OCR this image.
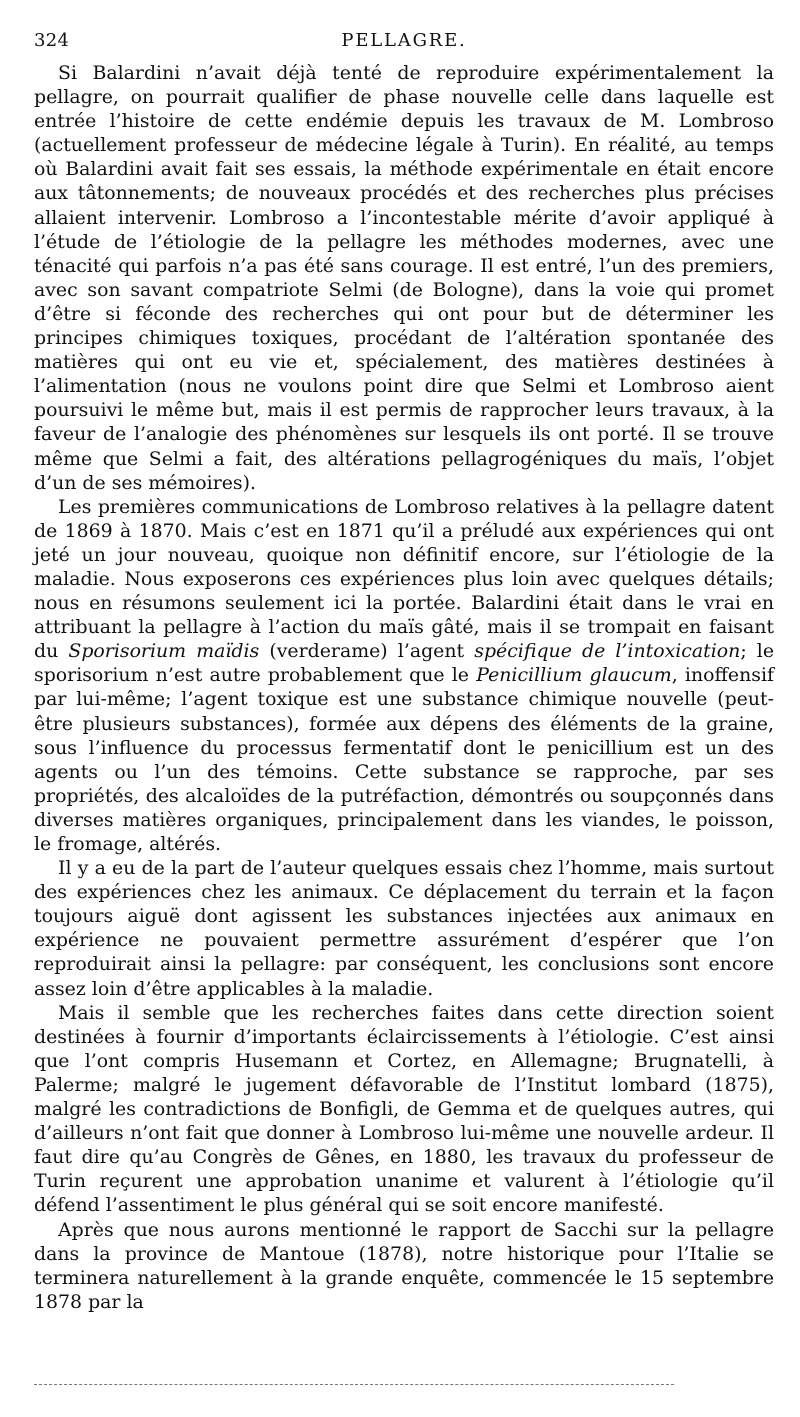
324	PELLAGRE.

Si Balardini n’avait déjà tenté de reproduire expérimentalement la pellagre, on pourrait qualifier de phase nouvelle celle dans laquelle est entrée l’histoire de cette endémie depuis les travaux de M. Lombroso (actuellement professeur de médecine légale à Turin). En réalité, au temps où Balardini avait fait ses essais, la méthode expérimentale en était encore aux tâtonnements; de nouveaux procédés et des recherches plus précises allaient intervenir. Lombroso a l’incontestable mérite d’avoir appliqué à l’étude de l’étiologie de la pellagre les méthodes modernes, avec une ténacité qui parfois n’a pas été sans courage. Il est entré, l’un des premiers, avec son savant compatriote Selmi (de Bologne), dans la voie qui promet d’être si féconde des recherches qui ont pour but de déterminer les principes chimiques toxiques, procédant de l’altération spontanée des matières qui ont eu vie et, spécialement, des matières destinées à l’alimentation (nous ne voulons point dire que Selmi et Lombroso aient poursuivi le même but, mais il est permis de rapprocher leurs travaux, à la faveur de l’analogie des phénomènes sur lesquels ils ont porté. Il se trouve même que Selmi a fait, des altérations pellagrogéniques du maïs, l’objet d’un de ses mémoires).

Les premières communications de Lombroso relatives à la pellagre datent de 1869 à 1870. Mais c’est en 1871 qu’il a préludé aux expériences qui ont jeté un jour nouveau, quoique non définitif encore, sur l’étiologie de la maladie. Nous exposerons ces expériences plus loin avec quelques détails; nous en résumons seulement ici la portée. Balardini était dans le vrai en attribuant la pellagre à l’action du maïs gâté, mais il se trompait en faisant du Sporisorium maïdis (verderame) l’agent spécifique de l’intoxication; le sporisorium n’est autre probablement que le Penicillium glaucum, inoffensif par lui-même; l’agent toxique est une substance chimique nouvelle (peut-être plusieurs substances), formée aux dépens des éléments de la graine, sous l’influence du processus fermentatif dont le penicillium est un des agents ou l’un des témoins. Cette substance se rapproche, par ses propriétés, des alcaloïdes de la putréfaction, démontrés ou soupçonnés dans diverses matières organiques, principalement dans les viandes, le poisson, le fromage, altérés.

Il y a eu de la part de l’auteur quelques essais chez l’homme, mais surtout des expériences chez les animaux. Ce déplacement du terrain et la façon toujours aiguë dont agissent les substances injectées aux animaux en expérience ne pouvaient permettre assurément d’espérer que l’on reproduirait ainsi la pellagre: par conséquent, les conclusions sont encore assez loin d’être applicables à la maladie.

Mais il semble que les recherches faites dans cette direction soient destinées à fournir d’importants éclaircissements à l’étiologie. C’est ainsi que l’ont compris Husemann et Cortez, en Allemagne; Brugnatelli, à Palerme; malgré le jugement défavorable de l’Institut lombard (1875), malgré les contradictions de Bonfigli, de Gemma et de quelques autres, qui d’ailleurs n’ont fait que donner à Lombroso lui-même une nouvelle ardeur. Il faut dire qu’au Congrès de Gênes, en 1880, les travaux du professeur de Turin reçurent une approbation unanime et valurent à l’étiologie qu’il défend l’assentiment le plus général qui se soit encore manifesté.

Après que nous aurons mentionné le rapport de Sacchi sur la pellagre dans la province de Mantoue (1878), notre historique pour l’Italie se terminera naturellement à la grande enquête, commencée le 15 septembre 1878 par la
